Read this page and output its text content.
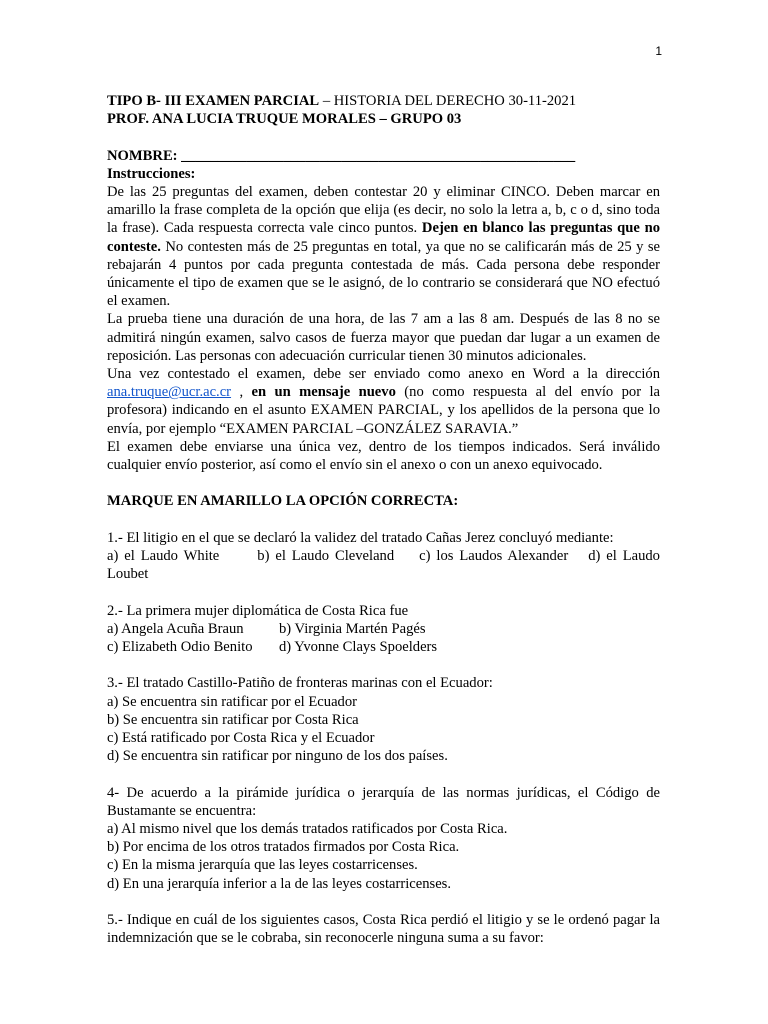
1
TIPO B- III EXAMEN PARCIAL – HISTORIA DEL DERECHO 30-11-2021
PROF. ANA LUCIA TRUQUE MORALES – GRUPO 03
NOMBRE: ______________________________________________________
Instrucciones:
De las 25 preguntas del examen, deben contestar 20 y eliminar CINCO. Deben marcar en amarillo la frase completa de la opción que elija (es decir, no solo la letra a, b, c o d, sino toda la frase). Cada respuesta correcta vale cinco puntos. Dejen en blanco las preguntas que no conteste. No contesten más de 25 preguntas en total, ya que no se calificarán más de 25 y se rebajarán 4 puntos por cada pregunta contestada de más. Cada persona debe responder únicamente el tipo de examen que se le asignó, de lo contrario se considerará que NO efectuó el examen.
La prueba tiene una duración de una hora, de las 7 am a las 8 am. Después de las 8 no se admitirá ningún examen, salvo casos de fuerza mayor que puedan dar lugar a un examen de reposición. Las personas con adecuación curricular tienen 30 minutos adicionales.
Una vez contestado el examen, debe ser enviado como anexo en Word a la dirección ana.truque@ucr.ac.cr , en un mensaje nuevo (no como respuesta al del envío por la profesora) indicando en el asunto EXAMEN PARCIAL, y los apellidos de la persona que lo envía, por ejemplo “EXAMEN PARCIAL –GONZÁLEZ SARAVIA.”
El examen debe enviarse una única vez, dentro de los tiempos indicados. Será inválido cualquier envío posterior, así como el envío sin el anexo o con un anexo equivocado.
MARQUE EN AMARILLO LA OPCIÓN CORRECTA:
1.- El litigio en el que se declaró la validez del tratado Cañas Jerez concluyó mediante:
a) el Laudo White	b) el Laudo Cleveland c) los Laudos Alexander d) el Laudo Loubet
2.- La primera mujer diplomática de Costa Rica fue
a) Angela Acuña Braun b) Virginia Martén Pagés
c) Elizabeth Odio Benito d) Yvonne Clays Spoelders
3.- El tratado Castillo-Patiño de fronteras marinas con el Ecuador:
a) Se encuentra sin ratificar por el Ecuador
b) Se encuentra sin ratificar por Costa Rica
c) Está ratificado por Costa Rica y el Ecuador
d) Se encuentra sin ratificar por ninguno de los dos países.
4- De acuerdo a la pirámide jurídica o jerarquía de las normas jurídicas, el Código de Bustamante se encuentra:
a) Al mismo nivel que los demás tratados ratificados por Costa Rica.
b) Por encima de los otros tratados firmados por Costa Rica.
c) En la misma jerarquía que las leyes costarricenses.
d) En una jerarquía inferior a la de las leyes costarricenses.
5.- Indique en cuál de los siguientes casos, Costa Rica perdió el litigio y se le ordenó pagar la indemnización que se le cobraba, sin reconocerle ninguna suma a su favor:
